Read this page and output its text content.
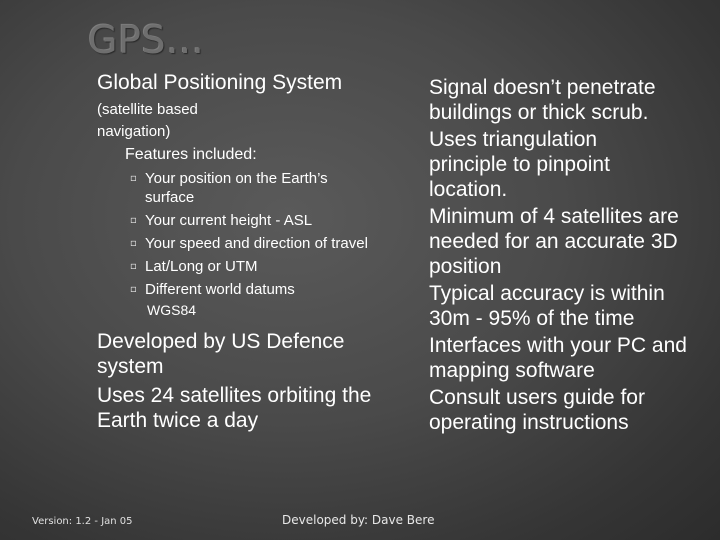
GPS…
Global Positioning System (satellite based
navigation)
Features included:
▫ Your position on the Earth’s surface
▫ Your current height - ASL
▫ Your speed and direction of travel
▫ Lat/Long or UTM
▫ Different world datums
WGS84
Developed by US Defence system
Uses 24 satellites orbiting the Earth twice a day
Signal doesn’t penetrate buildings or thick scrub.
Uses triangulation principle to pinpoint location.
Minimum of 4 satellites are needed for an accurate 3D position
Typical accuracy is within 30m - 95% of the time
Interfaces with your PC and mapping software
Consult users guide for operating instructions
Version: 1.2 - Jan 05	Developed by: Dave Bere
